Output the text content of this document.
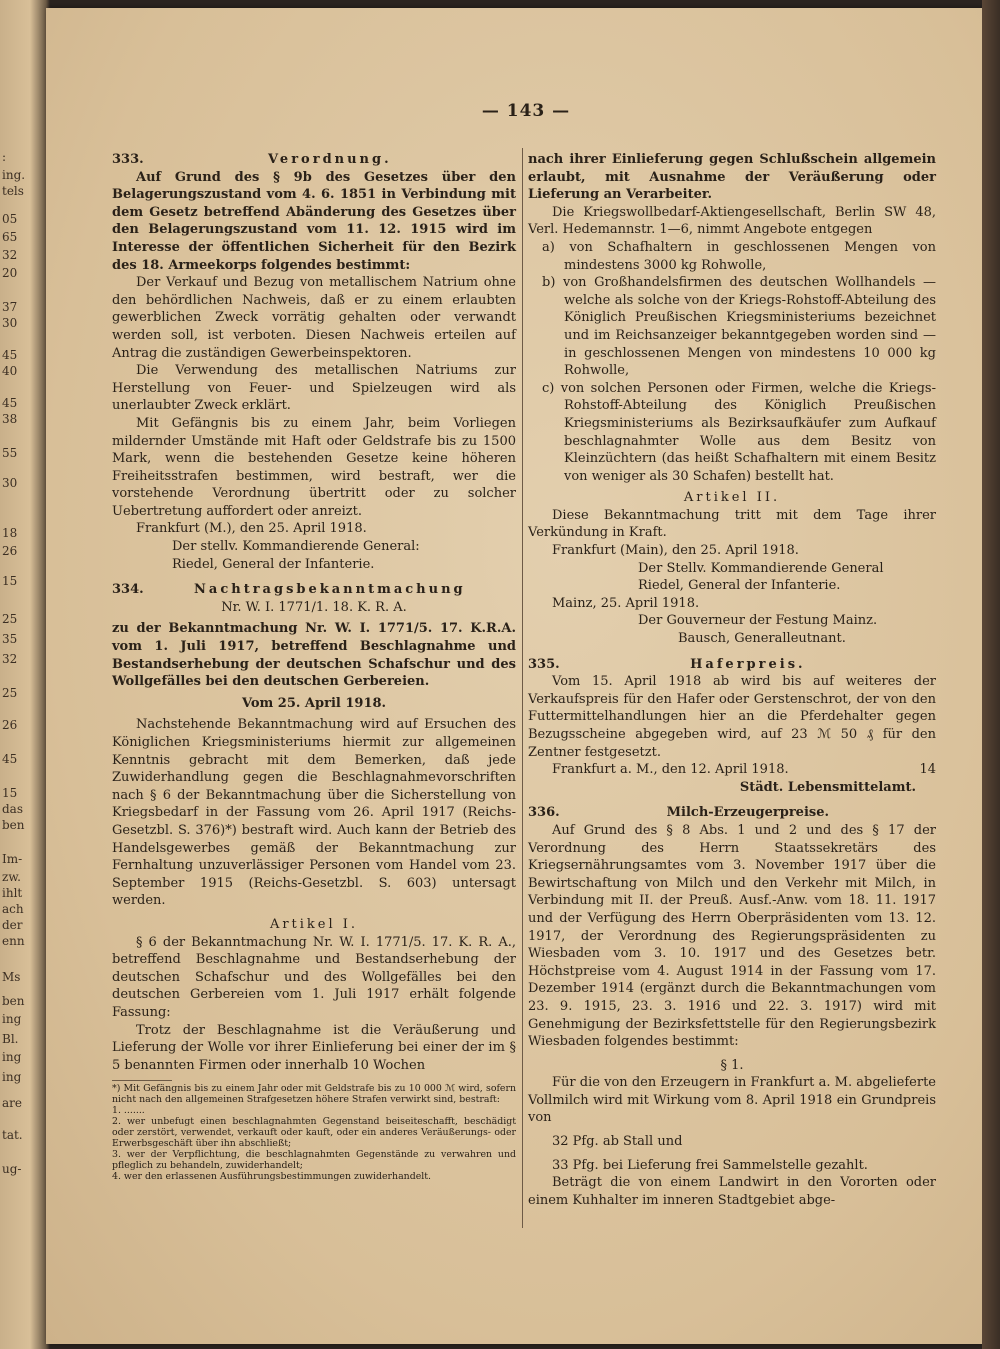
:
ing.
tels
05
65
32
20
37
30
45
40
45
38
55
30
18
26
15
25
35
32
25
26
45
15
das
ben
Im-
zw.
ihlt
ach
der
enn
Ms
ben
ing
Bl.
ing
ing
are
tat.
ug-
— 143 —

333.	Verordnung.

Auf Grund des § 9b des Gesetzes über den Belagerungszustand vom 4. 6. 1851 in Verbindung mit dem Gesetz betreffend Abänderung des Gesetzes über den Belagerungszustand vom 11. 12. 1915 wird im Interesse der öffentlichen Sicherheit für den Bezirk des 18. Armeekorps folgendes bestimmt:

Der Verkauf und Bezug von metallischem Natrium ohne den behördlichen Nachweis, daß er zu einem erlaubten gewerblichen Zweck vorrätig gehalten oder verwandt werden soll, ist verboten. Diesen Nachweis erteilen auf Antrag die zuständigen Gewerbeinspektoren.

Die Verwendung des metallischen Natriums zur Herstellung von Feuer- und Spielzeugen wird als unerlaubter Zweck erklärt.

Mit Gefängnis bis zu einem Jahr, beim Vorliegen mildernder Umstände mit Haft oder Geldstrafe bis zu 1500 Mark, wenn die bestehenden Gesetze keine höheren Freiheitsstrafen bestimmen, wird bestraft, wer die vorstehende Verordnung übertritt oder zu solcher Uebertretung auffordert oder anreizt.

Frankfurt (M.), den 25. April 1918.

Der stellv. Kommandierende General:

Riedel, General der Infanterie.

334.	Nachtragsbekanntmachung

Nr. W. I. 1771/1. 18. K. R. A.

zu der Bekanntmachung Nr. W. I. 1771/5. 17. K.R.A. vom 1. Juli 1917, betreffend Beschlagnahme und Bestandserhebung der deutschen Schafschur und des Wollgefälles bei den deutschen Gerbereien.

Vom 25. April 1918.

Nachstehende Bekanntmachung wird auf Ersuchen des Königlichen Kriegsministeriums hiermit zur allgemeinen Kenntnis gebracht mit dem Bemerken, daß jede Zuwiderhandlung gegen die Beschlagnahmevorschriften nach § 6 der Bekanntmachung über die Sicherstellung von Kriegsbedarf in der Fassung vom 26. April 1917 (Reichs-Gesetzbl. S. 376)*) bestraft wird. Auch kann der Betrieb des Handelsgewerbes gemäß der Bekanntmachung zur Fernhaltung unzuverlässiger Personen vom Handel vom 23. September 1915 (Reichs-Gesetzbl. S. 603) untersagt werden.

Artikel I.

§ 6 der Bekanntmachung Nr. W. I. 1771/5. 17. K. R. A., betreffend Beschlagnahme und Bestandserhebung der deutschen Schafschur und des Wollgefälles bei den deutschen Gerbereien vom 1. Juli 1917 erhält folgende Fassung:

Trotz der Beschlagnahme ist die Veräußerung und Lieferung der Wolle vor ihrer Einlieferung bei einer der im § 5 benannten Firmen oder innerhalb 10 Wochen

*) Mit Gefängnis bis zu einem Jahr oder mit Geldstrafe bis zu 10 000 ℳ wird, sofern nicht nach den allgemeinen Strafgesetzen höhere Strafen verwirkt sind, bestraft:

1. .......

2. wer unbefugt einen beschlagnahmten Gegenstand beiseiteschafft, beschädigt oder zerstört, verwendet, verkauft oder kauft, oder ein anderes Veräußerungs- oder Erwerbsgeschäft über ihn abschließt;

3. wer der Verpflichtung, die beschlagnahmten Gegenstände zu verwahren und pfleglich zu behandeln, zuwiderhandelt;

4. wer den erlassenen Ausführungsbestimmungen zuwiderhandelt.

nach ihrer Einlieferung gegen Schlußschein allgemein erlaubt, mit Ausnahme der Veräußerung oder Lieferung an Verarbeiter.

Die Kriegswollbedarf-Aktiengesellschaft, Berlin SW 48, Verl. Hedemannstr. 1—6, nimmt Angebote entgegen

a) von Schafhaltern in geschlossenen Mengen von mindestens 3000 kg Rohwolle,

b) von Großhandelsfirmen des deutschen Wollhandels — welche als solche von der Kriegs-Rohstoff-Abteilung des Königlich Preußischen Kriegsministeriums bezeichnet und im Reichsanzeiger bekanntgegeben worden sind — in geschlossenen Mengen von mindestens 10 000 kg Rohwolle,

c) von solchen Personen oder Firmen, welche die Kriegs-Rohstoff-Abteilung des Königlich Preußischen Kriegsministeriums als Bezirksaufkäufer zum Aufkauf beschlagnahmter Wolle aus dem Besitz von Kleinzüchtern (das heißt Schafhaltern mit einem Besitz von weniger als 30 Schafen) bestellt hat.

Artikel II.

Diese Bekanntmachung tritt mit dem Tage ihrer Verkündung in Kraft.

Frankfurt (Main), den 25. April 1918.

Der Stellv. Kommandierende General

Riedel, General der Infanterie.

Mainz, 25. April 1918.

Der Gouverneur der Festung Mainz.

Bausch, Generalleutnant.

335.	Haferpreis.

Vom 15. April 1918 ab wird bis auf weiteres der Verkaufspreis für den Hafer oder Gerstenschrot, der von den Futtermittelhandlungen hier an die Pferdehalter gegen Bezugsscheine abgegeben wird, auf 23 ℳ 50 ₰ für den Zentner festgesetzt.

Frankfurt a. M., den 12. April 1918.	14

Städt. Lebensmittelamt.

336.	Milch-Erzeugerpreise.

Auf Grund des § 8 Abs. 1 und 2 und des § 17 der Verordnung des Herrn Staatssekretärs des Kriegsernährungsamtes vom 3. November 1917 über die Bewirtschaftung von Milch und den Verkehr mit Milch, in Verbindung mit II. der Preuß. Ausf.-Anw. vom 18. 11. 1917 und der Verfügung des Herrn Oberpräsidenten vom 13. 12. 1917, der Verordnung des Regierungspräsidenten zu Wiesbaden vom 3. 10. 1917 und des Gesetzes betr. Höchstpreise vom 4. August 1914 in der Fassung vom 17. Dezember 1914 (ergänzt durch die Bekanntmachungen vom 23. 9. 1915, 23. 3. 1916 und 22. 3. 1917) wird mit Genehmigung der Bezirksfettstelle für den Regierungsbezirk Wiesbaden folgendes bestimmt:

§ 1.

Für die von den Erzeugern in Frankfurt a. M. abgelieferte Vollmilch wird mit Wirkung vom 8. April 1918 ein Grundpreis von

32 Pfg. ab Stall und

33 Pfg. bei Lieferung frei Sammelstelle gezahlt.

Beträgt die von einem Landwirt in den Vororten oder einem Kuhhalter im inneren Stadtgebiet abge-
